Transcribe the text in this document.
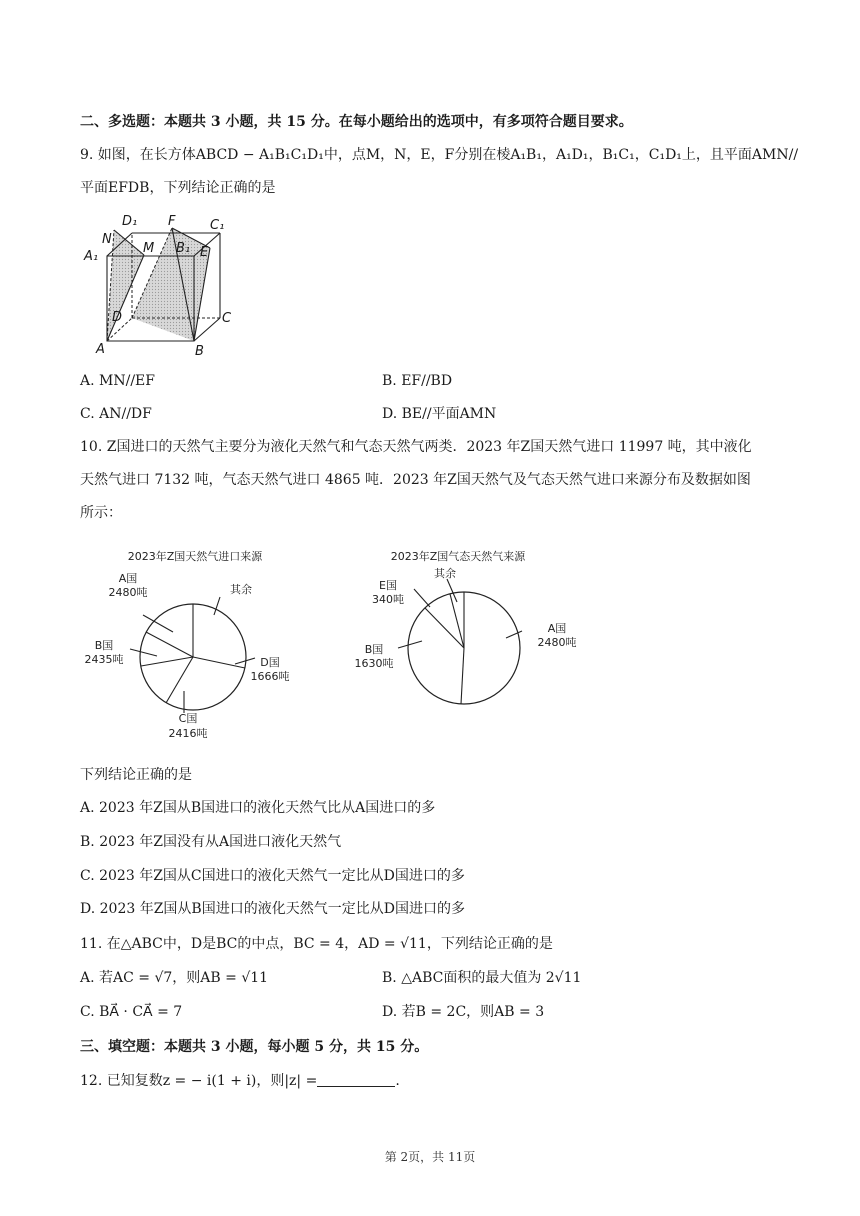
二、多选题：本题共 3 小题，共 15 分。在每小题给出的选项中，有多项符合题目要求。
9. 如图，在长方体ABCD − A₁B₁C₁D₁中，点M，N，E，F分别在棱A₁B₁，A₁D₁，B₁C₁，C₁D₁上，且平面AMN//
平面EFDB，下列结论正确的是
D₁ F	C₁
N
M B₁ E
A₁
D	C
A	B
A. MN//EF	B. EF//BD
C. AN//DF	D. BE//平面AMN
10. Z国进口的天然气主要分为液化天然气和气态天然气两类．2023 年Z国天然气进口 11997 吨，其中液化
天然气进口 7132 吨，气态天然气进口 4865 吨．2023 年Z国天然气及气态天然气进口来源分布及数据如图
所示：
2023年Z国天然气进口来源
A国
2480吨	其余
D国
1666吨
C国
2416吨
B国
2435吨
2023年Z国气态天然气来源
E国
340吨
其余
A国
2480吨
B国
1630吨
下列结论正确的是
A. 2023 年Z国从B国进口的液化天然气比从A国进口的多
B. 2023 年Z国没有从A国进口液化天然气
C. 2023 年Z国从C国进口的液化天然气一定比从D国进口的多
D. 2023 年Z国从B国进口的液化天然气一定比从D国进口的多
11. 在△ABC中，D是BC的中点，BC = 4，AD = √11，下列结论正确的是
A. 若AC = √7，则AB = √11	B. △ABC面积的最大值为 2√11
C. BA⃗ · CA⃗ = 7	D. 若B = 2C，则AB = 3
三、填空题：本题共 3 小题，每小题 5 分，共 15 分。
12. 已知复数z = − i(1 + i)，则|z| =	.
第 2页，共 11页
